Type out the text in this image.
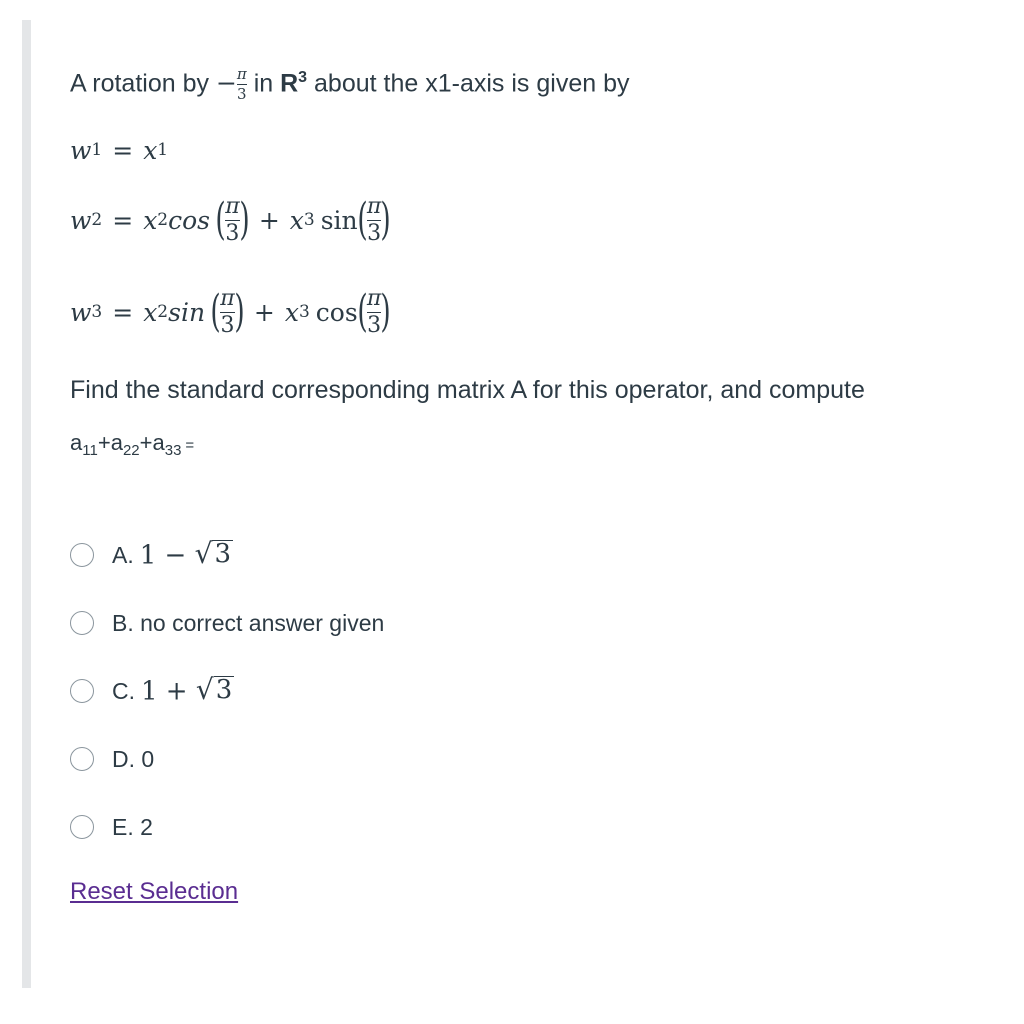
A rotation by − $\frac{\pi}{3}$ in $R^3$ about the x1-axis is given by
w 1 = x 1
w 2 = x 2 cos ( $\frac{\pi}{3}$ ) + x 3 sin ( $\frac{\pi}{3}$ )
w 3 = x 2 sin ( $\frac{\pi}{3}$ ) + x 3 cos ( $\frac{\pi}{3}$ )
Find the standard corresponding matrix A for this operator, and compute
$a_{11}+a_{22}+a_{33}$ =
A. 1 − √ 3
B. no correct answer given
C. 1 + √ 3
D. 0
E. 2
Reset Selection
